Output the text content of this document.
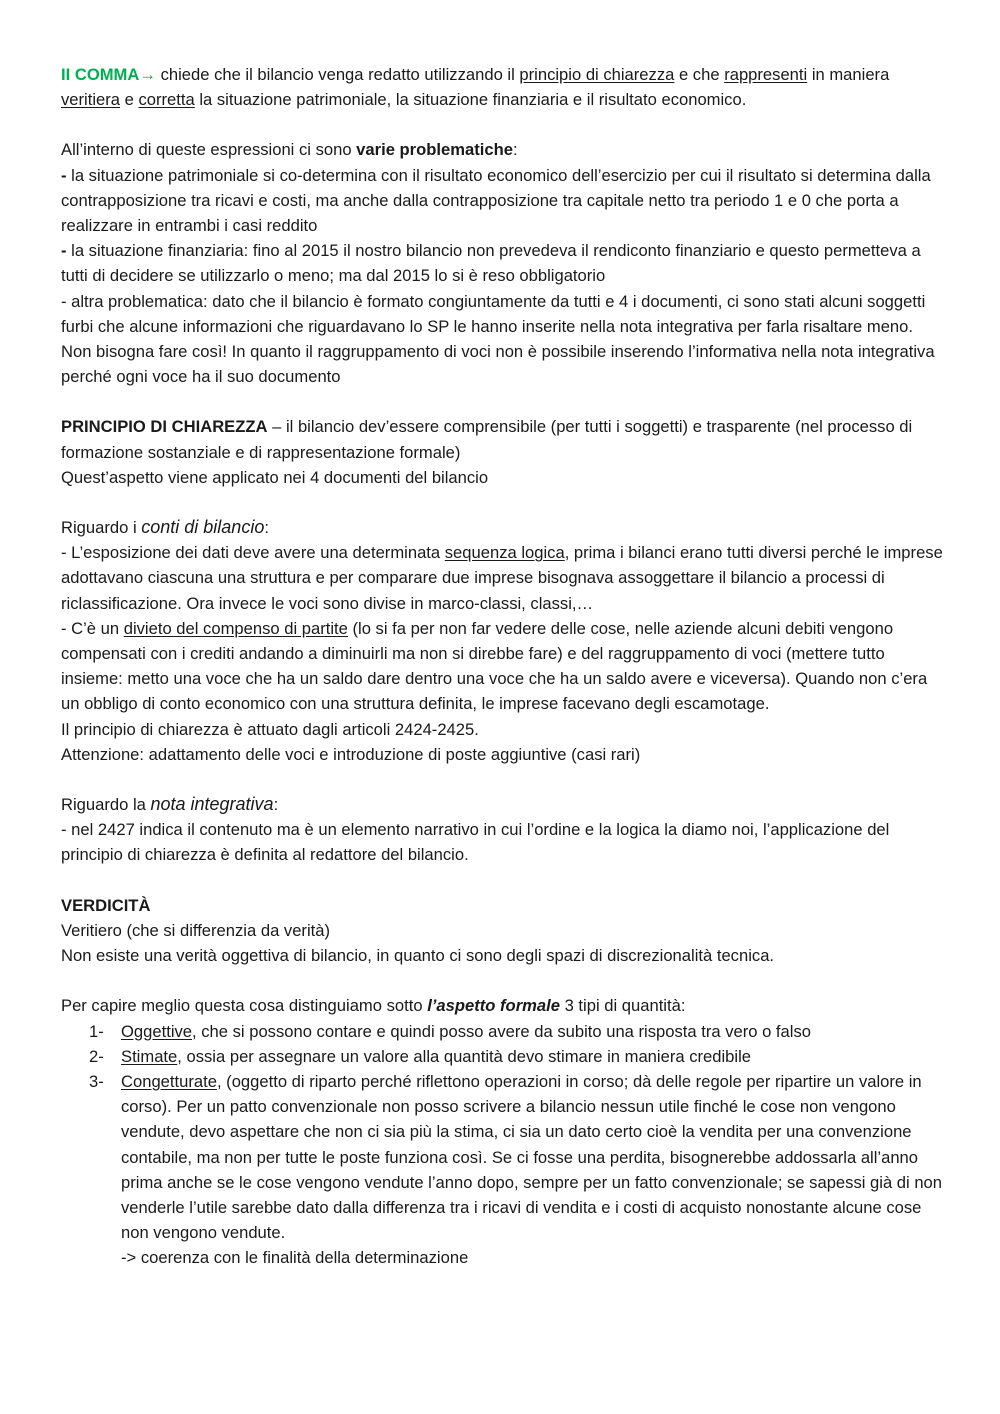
II COMMA→ chiede che il bilancio venga redatto utilizzando il principio di chiarezza e che rappresenti in maniera veritiera e corretta la situazione patrimoniale, la situazione finanziaria e il risultato economico.

All’interno di queste espressioni ci sono varie problematiche:

- la situazione patrimoniale si co-determina con il risultato economico dell’esercizio per cui il risultato si determina dalla contrapposizione tra ricavi e costi, ma anche dalla contrapposizione tra capitale netto tra periodo 1 e 0 che porta a realizzare in entrambi i casi reddito

- la situazione finanziaria: fino al 2015 il nostro bilancio non prevedeva il rendiconto finanziario e questo permetteva a tutti di decidere se utilizzarlo o meno; ma dal 2015 lo si è reso obbligatorio

- altra problematica: dato che il bilancio è formato congiuntamente da tutti e 4 i documenti, ci sono stati alcuni soggetti furbi che alcune informazioni che riguardavano lo SP le hanno inserite nella nota integrativa per farla risaltare meno. Non bisogna fare così! In quanto il raggruppamento di voci non è possibile inserendo l’informativa nella nota integrativa perché ogni voce ha il suo documento

PRINCIPIO DI CHIAREZZA – il bilancio dev’essere comprensibile (per tutti i soggetti) e trasparente (nel processo di formazione sostanziale e di rappresentazione formale)

Quest’aspetto viene applicato nei 4 documenti del bilancio

Riguardo i conti di bilancio:

- L’esposizione dei dati deve avere una determinata sequenza logica, prima i bilanci erano tutti diversi perché le imprese adottavano ciascuna una struttura e per comparare due imprese bisognava assoggettare il bilancio a processi di riclassificazione. Ora invece le voci sono divise in marco-classi, classi,…

- C’è un divieto del compenso di partite (lo si fa per non far vedere delle cose, nelle aziende alcuni debiti vengono compensati con i crediti andando a diminuirli ma non si direbbe fare) e del raggruppamento di voci (mettere tutto insieme: metto una voce che ha un saldo dare dentro una voce che ha un saldo avere e viceversa). Quando non c’era un obbligo di conto economico con una struttura definita, le imprese facevano degli escamotage.

Il principio di chiarezza è attuato dagli articoli 2424-2425.

Attenzione: adattamento delle voci e introduzione di poste aggiuntive (casi rari)

Riguardo la nota integrativa:

- nel 2427 indica il contenuto ma è un elemento narrativo in cui l’ordine e la logica la diamo noi, l’applicazione del principio di chiarezza è definita al redattore del bilancio.

VERDICITÀ

Veritiero (che si differenzia da verità)

Non esiste una verità oggettiva di bilancio, in quanto ci sono degli spazi di discrezionalità tecnica.

Per capire meglio questa cosa distinguiamo sotto l’aspetto formale 3 tipi di quantità:

1- Oggettive, che si possono contare e quindi posso avere da subito una risposta tra vero o falso
2- Stimate, ossia per assegnare un valore alla quantità devo stimare in maniera credibile
3- Congetturate, (oggetto di riparto perché riflettono operazioni in corso; dà delle regole per ripartire un valore in corso). Per un patto convenzionale non posso scrivere a bilancio nessun utile finché le cose non vengono vendute, devo aspettare che non ci sia più la stima, ci sia un dato certo cioè la vendita per una convenzione contabile, ma non per tutte le poste funziona così. Se ci fosse una perdita, bisognerebbe addossarla all’anno prima anche se le cose vengono vendute l’anno dopo, sempre per un fatto convenzionale; se sapessi già di non venderle l’utile sarebbe dato dalla differenza tra i ricavi di vendita e i costi di acquisto nonostante alcune cose non vengono vendute.
-> coerenza con le finalità della determinazione
